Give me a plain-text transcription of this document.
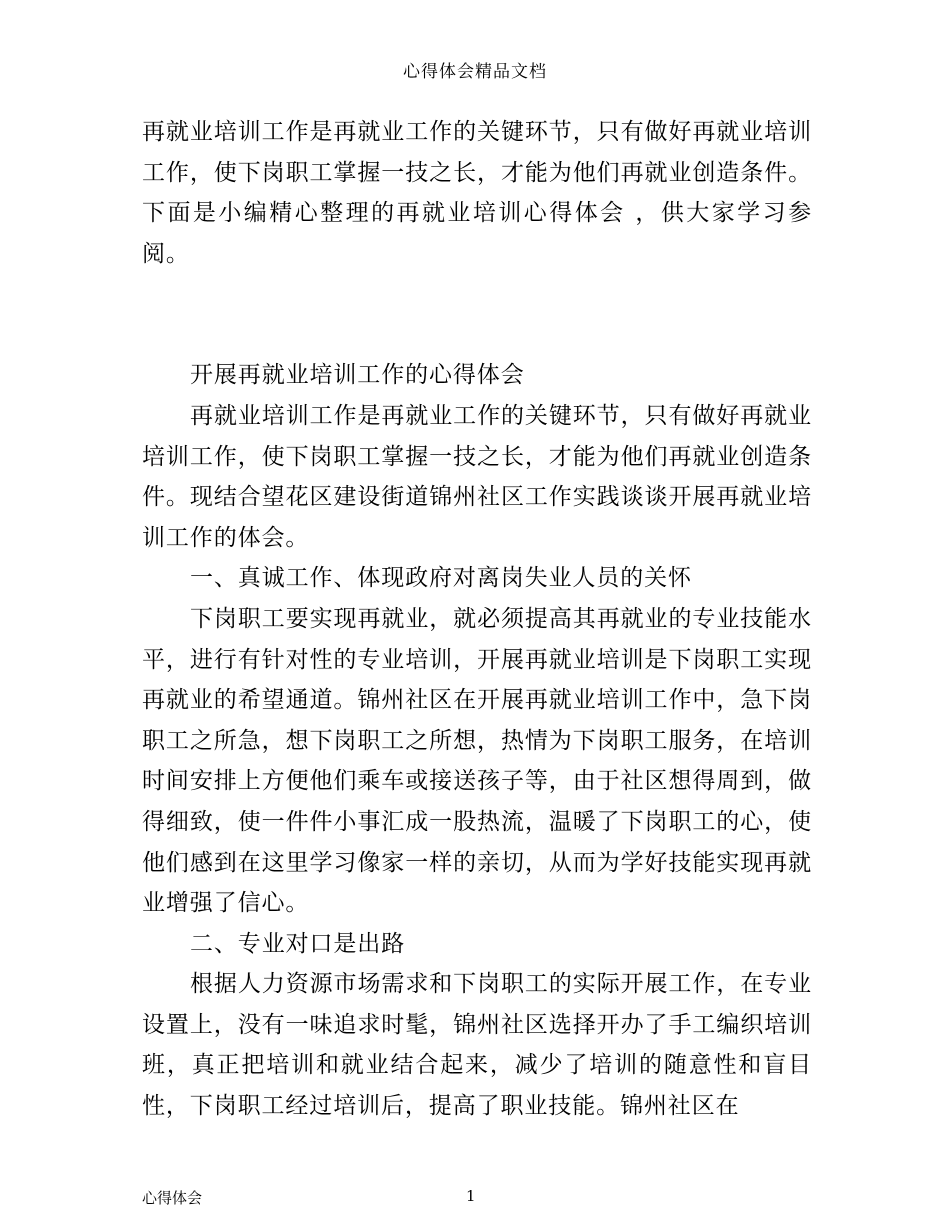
心得体会精品文档

再就业培训工作是再就业工作的关键环节，只有做好再就业培训工作，使下岗职工掌握一技之长，才能为他们再就业创造条件。下面是小编精心整理的再就业培训心得体会 ，供大家学习参阅。

开展再就业培训工作的心得体会

再就业培训工作是再就业工作的关键环节，只有做好再就业培训工作，使下岗职工掌握一技之长，才能为他们再就业创造条件。现结合望花区建设街道锦州社区工作实践谈谈开展再就业培训工作的体会。

一、真诚工作、体现政府对离岗失业人员的关怀

下岗职工要实现再就业，就必须提高其再就业的专业技能水平，进行有针对性的专业培训，开展再就业培训是下岗职工实现再就业的希望通道。锦州社区在开展再就业培训工作中，急下岗职工之所急，想下岗职工之所想，热情为下岗职工服务，在培训时间安排上方便他们乘车或接送孩子等，由于社区想得周到，做得细致，使一件件小事汇成一股热流，温暖了下岗职工的心，使他们感到在这里学习像家一样的亲切，从而为学好技能实现再就业增强了信心。

二、专业对口是出路

根据人力资源市场需求和下岗职工的实际开展工作，在专业设置上，没有一味追求时髦，锦州社区选择开办了手工编织培训班，真正把培训和就业结合起来，减少了培训的随意性和盲目性，下岗职工经过培训后，提高了职业技能。锦州社区在

心得体会	1
